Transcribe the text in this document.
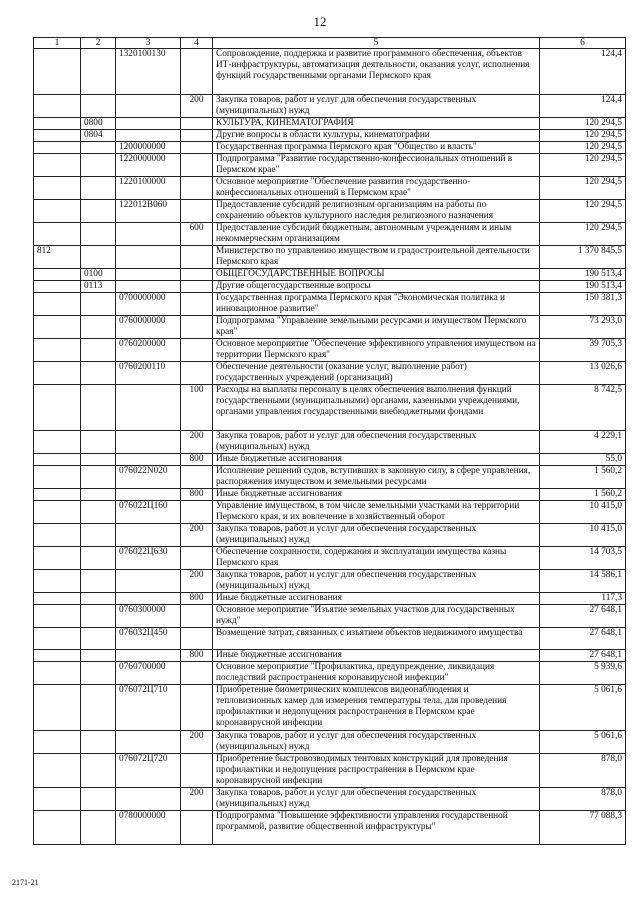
12
1	2	3	4	5	6
		1320100130		Сопровождение, поддержка и развитие программного обеспечения, объектов ИТ-инфраструктуры, автоматизация деятельности, оказания услуг, исполнения функций государственными органами Пермского края	124,4
			200	Закупка товаров, работ и услуг для обеспечения государственных (муниципальных) нужд	124,4
	0800			КУЛЬТУРА, КИНЕМАТОГРАФИЯ	120 294,5
	0804			Другие вопросы в области культуры, кинематографии	120 294,5
		1200000000		Государственная программа Пермского края "Общество и власть"	120 294,5
		1220000000		Подпрограмма "Развитие государственно-конфессиональных отношений в Пермском крае"	120 294,5
		1220100000		Основное мероприятие "Обеспечение развития государственно-конфессиональных отношений в Пермском крае"	120 294,5
		122012В060		Предоставление субсидий религиозным организациям на работы по сохранению объектов культурного наследия религиозного назначения	120 294,5
			600	Предоставление субсидий бюджетным, автономным учреждениям и иным некоммерческим организациям	120 294,5
812				Министерство по управлению имуществом и градостроительной деятельности Пермского края	1 370 845,5
	0100			ОБЩЕГОСУДАРСТВЕННЫЕ ВОПРОСЫ	190 513,4
	0113			Другие общегосударственные вопросы	190 513,4
		0700000000		Государственная программа Пермского края "Экономическая политика и инновационное развитие"	150 381,3
		0760000000		Подпрограмма "Управление земельными ресурсами и имуществом Пермского края"	73 293,0
		0760200000		Основное мероприятие "Обеспечение эффективного управления имуществом на территории Пермского края"	39 705,3
		0760200110		Обеспечение деятельности (оказание услуг, выполнение работ) государственных учреждений (организаций)	13 026,6
			100	Расходы на выплаты персоналу в целях обеспечения выполнения функций государственными (муниципальными) органами, казенными учреждениями, органами управления государственными внебюджетными фондами	8 742,5
			200	Закупка товаров, работ и услуг для обеспечения государственных (муниципальных) нужд	4 229,1
			800	Иные бюджетные ассигнования	55,0
		076022N020		Исполнение решений судов, вступивших в законную силу, в сфере управления, распоряжения имуществом и земельными ресурсами	1 560,2
			800	Иные бюджетные ассигнования	1 560,2
		076022Ц160		Управление имуществом, в том числе земельными участками на территории Пермского края, и их вовлечение в хозяйственный оборот	10 415,0
			200	Закупка товаров, работ и услуг для обеспечения государственных (муниципальных) нужд	10 415,0
		076022Ц630		Обеспечение сохранности, содержания и эксплуатации имущества казны Пермского края	14 703,5
			200	Закупка товаров, работ и услуг для обеспечения государственных (муниципальных) нужд	14 586,1
			800	Иные бюджетные ассигнования	117,3
		0760300000		Основное мероприятие "Изъятие земельных участков для государственных нужд"	27 648,1
		076032Ц450		Возмещение затрат, связанных с изъятием объектов недвижимого имущества	27 648,1
			800	Иные бюджетные ассигнования	27 648,1
		0760700000		Основное мероприятие "Профилактика, предупреждение, ликвидация последствий распространения коронавирусной инфекции"	5 939,6
		076072Ц710		Приобретение биометрических комплексов видеонаблюдения и тепловизионных камер для измерения температуры тела, для проведения профилактики и недопущения распространения в Пермском крае коронавирусной инфекции	5 061,6
			200	Закупка товаров, работ и услуг для обеспечения государственных (муниципальных) нужд	5 061,6
		076072Ц720		Приобретение быстровозводимых тентовых конструкций для проведения профилактики и недопущения распространения в Пермском крае коронавирусной инфекции	878,0
			200	Закупка товаров, работ и услуг для обеспечения государственных (муниципальных) нужд	878,0
		0780000000		Подпрограмма "Повышение эффективности управления государственной программой, развитие общественной инфраструктуры"	77 088,3
2171-21
